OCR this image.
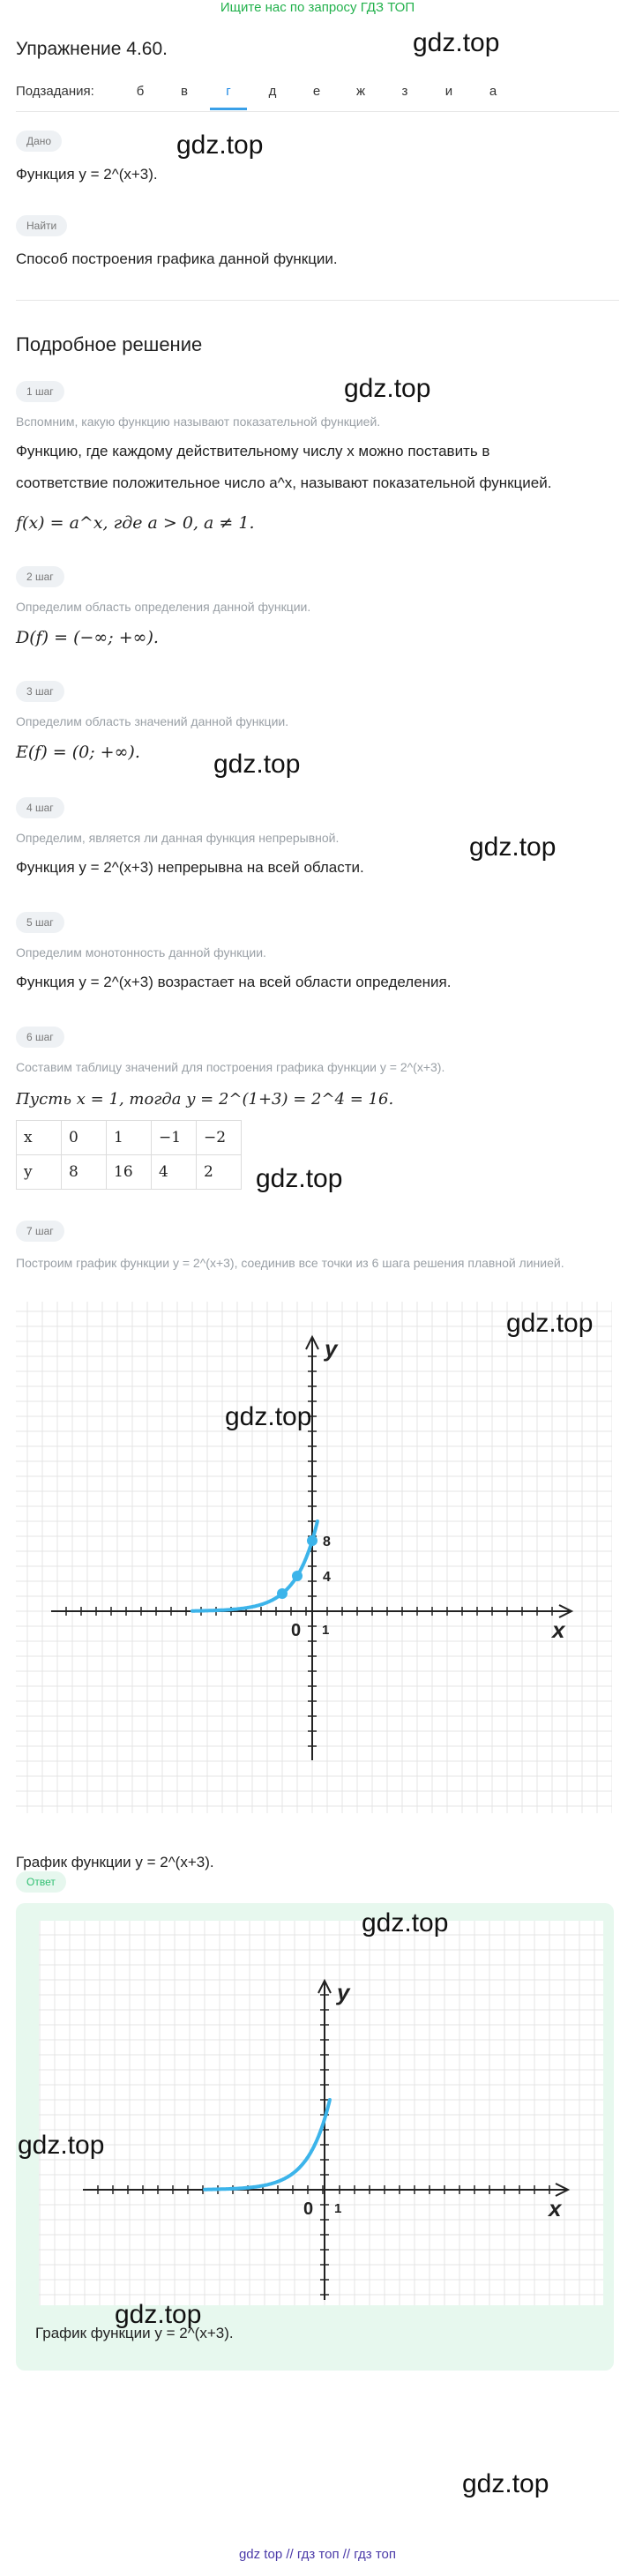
Ищите нас по запросу ГДЗ ТОП
Упражнение 4.60.	gdz.top
Подзадания:	б	в	г	д	е	ж	з	и	а
Дано
Функция y = 2^(x+3).
gdz.top
Найти
Способ построения графика данной функции.
Подробное решение
gdz.top
1 шаг
Вспомним, какую функцию называют показательной функцией.
Функцию, где каждому действительному числу x можно поставить в
соответствие положительное число a^x, называют показательной функцией.
f(x) = a^x, где a > 0, a ≠ 1.
2 шаг
Определим область определения данной функции.
D(f) = (−∞; +∞).
3 шаг
Определим область значений данной функции.
E(f) = (0; +∞).	gdz.top
4 шаг
Определим, является ли данная функция непрерывной.
Функция y = 2^(x+3) непрерывна на всей области.
gdz.top
5 шаг
Определим монотонность данной функции.
Функция y = 2^(x+3) возрастает на всей области определения.
6 шаг
Составим таблицу значений для построения графика функции y = 2^(x+3).
Пусть x = 1, тогда y = 2^(1+3) = 2^4 = 16.
x	0	1	−1	−2
y	8	16	4	2 gdz.top
7 шаг
Построим график функции y = 2^(x+3), соединив все точки из 6 шага решения плавной линией.
x
y
0 1
4
8
gdz.top
gdz.top
График функции y = 2^(x+3).
Ответ
x
y
0 1
График функции y = 2^(x+3).
gdz.top
gdz.top
gdz.top
gdz.top
gdz top // гдз топ // гдз топ
